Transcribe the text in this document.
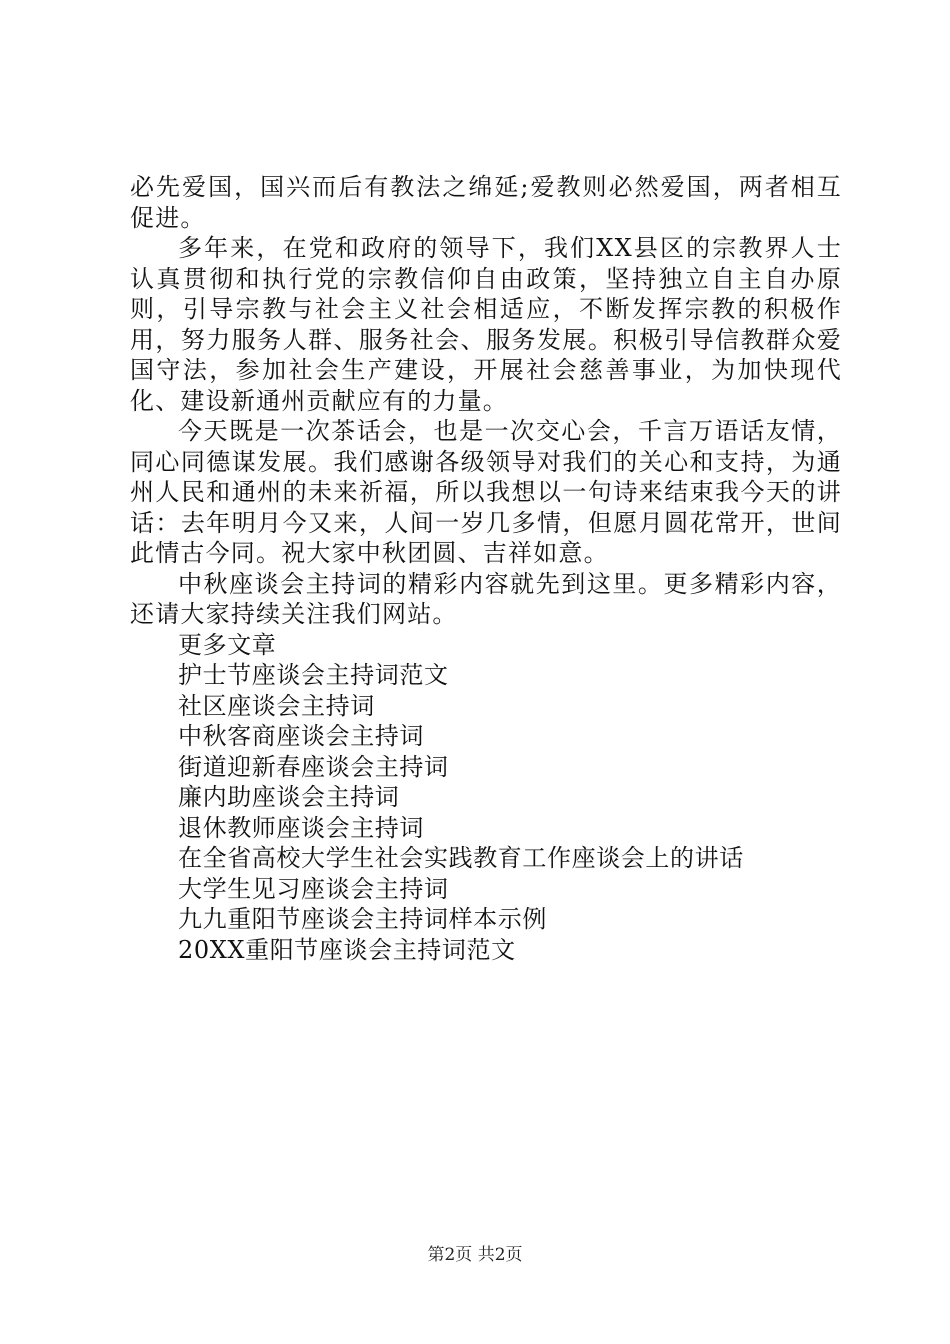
必先爱国，国兴而后有教法之绵延;爱教则必然爱国，两者相互促进。

多年来，在党和政府的领导下，我们XX县区的宗教界人士认真贯彻和执行党的宗教信仰自由政策，坚持独立自主自办原则，引导宗教与社会主义社会相适应，不断发挥宗教的积极作用，努力服务人群、服务社会、服务发展。积极引导信教群众爱国守法，参加社会生产建设，开展社会慈善事业，为加快现代化、建设新通州贡献应有的力量。

今天既是一次茶话会，也是一次交心会，千言万语话友情，同心同德谋发展。我们感谢各级领导对我们的关心和支持，为通州人民和通州的未来祈福，所以我想以一句诗来结束我今天的讲话：去年明月今又来，人间一岁几多情，但愿月圆花常开，世间此情古今同。祝大家中秋团圆、吉祥如意。

中秋座谈会主持词的精彩内容就先到这里。更多精彩内容，还请大家持续关注我们网站。

更多文章

护士节座谈会主持词范文
社区座谈会主持词
中秋客商座谈会主持词
街道迎新春座谈会主持词
廉内助座谈会主持词
退休教师座谈会主持词
在全省高校大学生社会实践教育工作座谈会上的讲话
大学生见习座谈会主持词
九九重阳节座谈会主持词样本示例
20XX重阳节座谈会主持词范文
第2页 共2页
